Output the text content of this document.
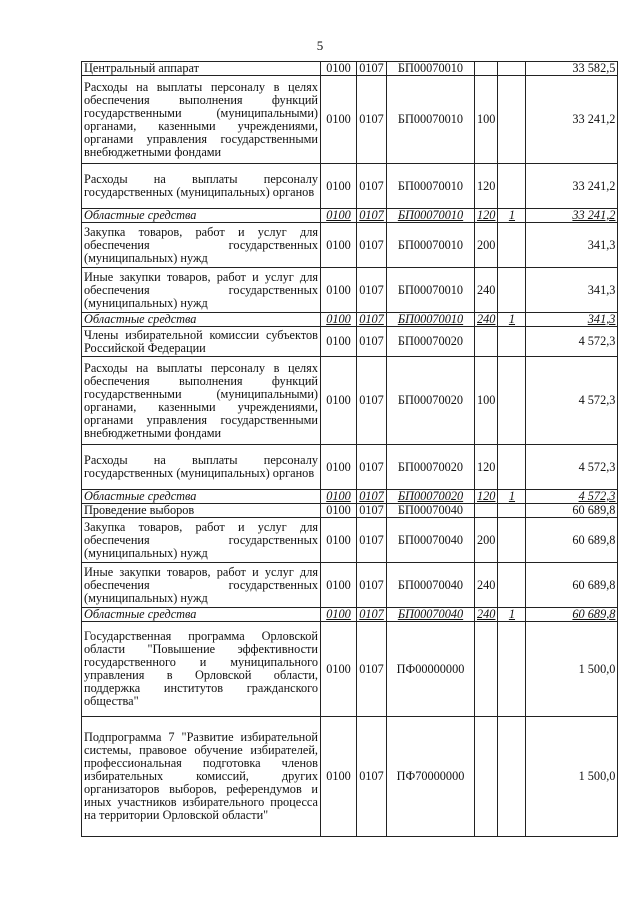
5
Центральный аппарат	0100	0107	БП00070010			33 582,5
Расходы на выплаты персоналу в целях обеспечения выполнения функций государственными (муниципальными) органами, казенными учреждениями, органами управления государственными внебюджетными фондами	0100	0107	БП00070010	100		33 241,2
Расходы на выплаты персоналу государственных (муниципальных) органов	0100	0107	БП00070010	120		33 241,2
Областные средства	0100	0107	БП00070010	120	1	33 241,2
Закупка товаров, работ и услуг для обеспечения государственных (муниципальных) нужд	0100	0107	БП00070010	200		341,3
Иные закупки товаров, работ и услуг для обеспечения государственных (муниципальных) нужд	0100	0107	БП00070010	240		341,3
Областные средства	0100	0107	БП00070010	240	1	341,3
Члены избирательной комиссии субъектов Российской Федерации	0100	0107	БП00070020			4 572,3
Расходы на выплаты персоналу в целях обеспечения выполнения функций государственными (муниципальными) органами, казенными учреждениями, органами управления государственными внебюджетными фондами	0100	0107	БП00070020	100		4 572,3
Расходы на выплаты персоналу государственных (муниципальных) органов	0100	0107	БП00070020	120		4 572,3
Областные средства	0100	0107	БП00070020	120	1	4 572,3
Проведение выборов	0100	0107	БП00070040			60 689,8
Закупка товаров, работ и услуг для обеспечения государственных (муниципальных) нужд	0100	0107	БП00070040	200		60 689,8
Иные закупки товаров, работ и услуг для обеспечения государственных (муниципальных) нужд	0100	0107	БП00070040	240		60 689,8
Областные средства	0100	0107	БП00070040	240	1	60 689,8
Государственная программа Орловской области "Повышение эффективности государственного и муниципального управления в Орловской области, поддержка институтов гражданского общества"	0100	0107	ПФ00000000			1 500,0
Подпрограмма 7 "Развитие избирательной системы, правовое обучение избирателей, профессиональная подготовка членов избирательных комиссий, других организаторов выборов, референдумов и иных участников избирательного процесса на территории Орловской области"	0100	0107	ПФ70000000			1 500,0
